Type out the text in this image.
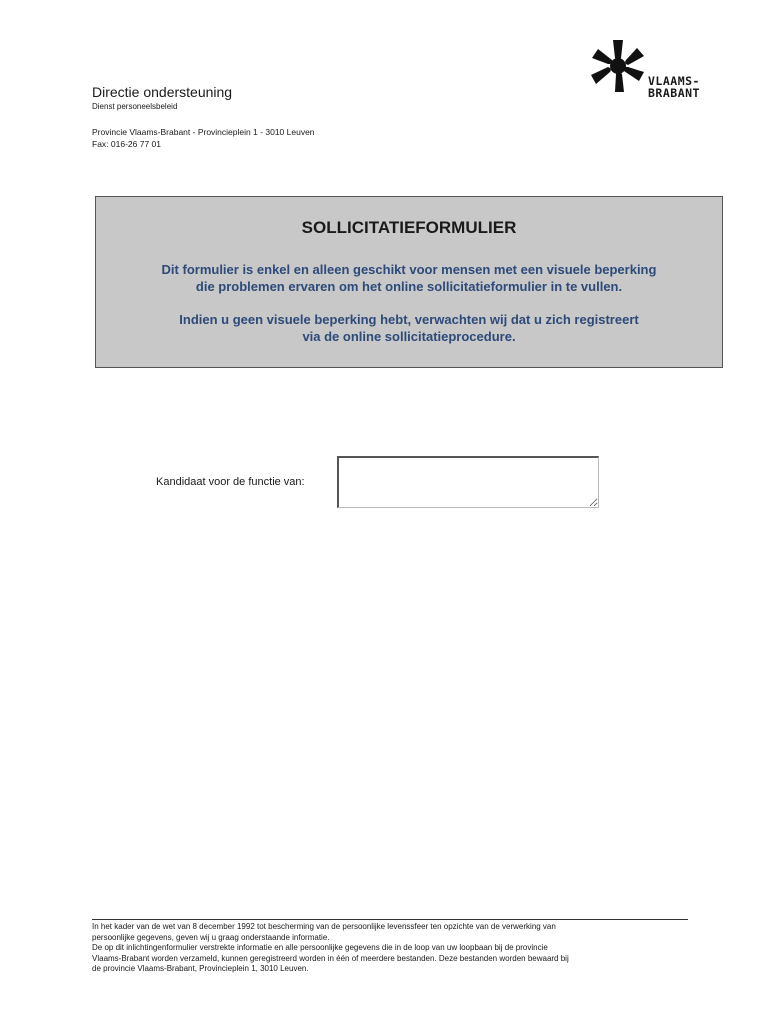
Directie ondersteuning
Dienst personeelsbeleid
Provincie Vlaams-Brabant - Provincieplein 1 - 3010 Leuven
Fax: 016-26 77 01
VLAAMS-
BRABANT
SOLLICITATIEFORMULIER
Dit formulier is enkel en alleen geschikt voor mensen met een visuele beperking
die problemen ervaren om het online sollicitatieformulier in te vullen.
Indien u geen visuele beperking hebt, verwachten wij dat u zich registreert
via de online sollicitatieprocedure.
Kandidaat voor de functie van:

In het kader van de wet van 8 december 1992 tot bescherming van de persoonlijke levenssfeer ten opzichte van de verwerking van

persoonlijke gegevens, geven wij u graag onderstaande informatie.

De op dit inlichtingenformulier verstrekte informatie en alle persoonlijke gegevens die in de loop van uw loopbaan bij de provincie

Vlaams-Brabant worden verzameld, kunnen geregistreerd worden in één of meerdere bestanden. Deze bestanden worden bewaard bij

de provincie Vlaams-Brabant, Provincieplein 1, 3010 Leuven.
